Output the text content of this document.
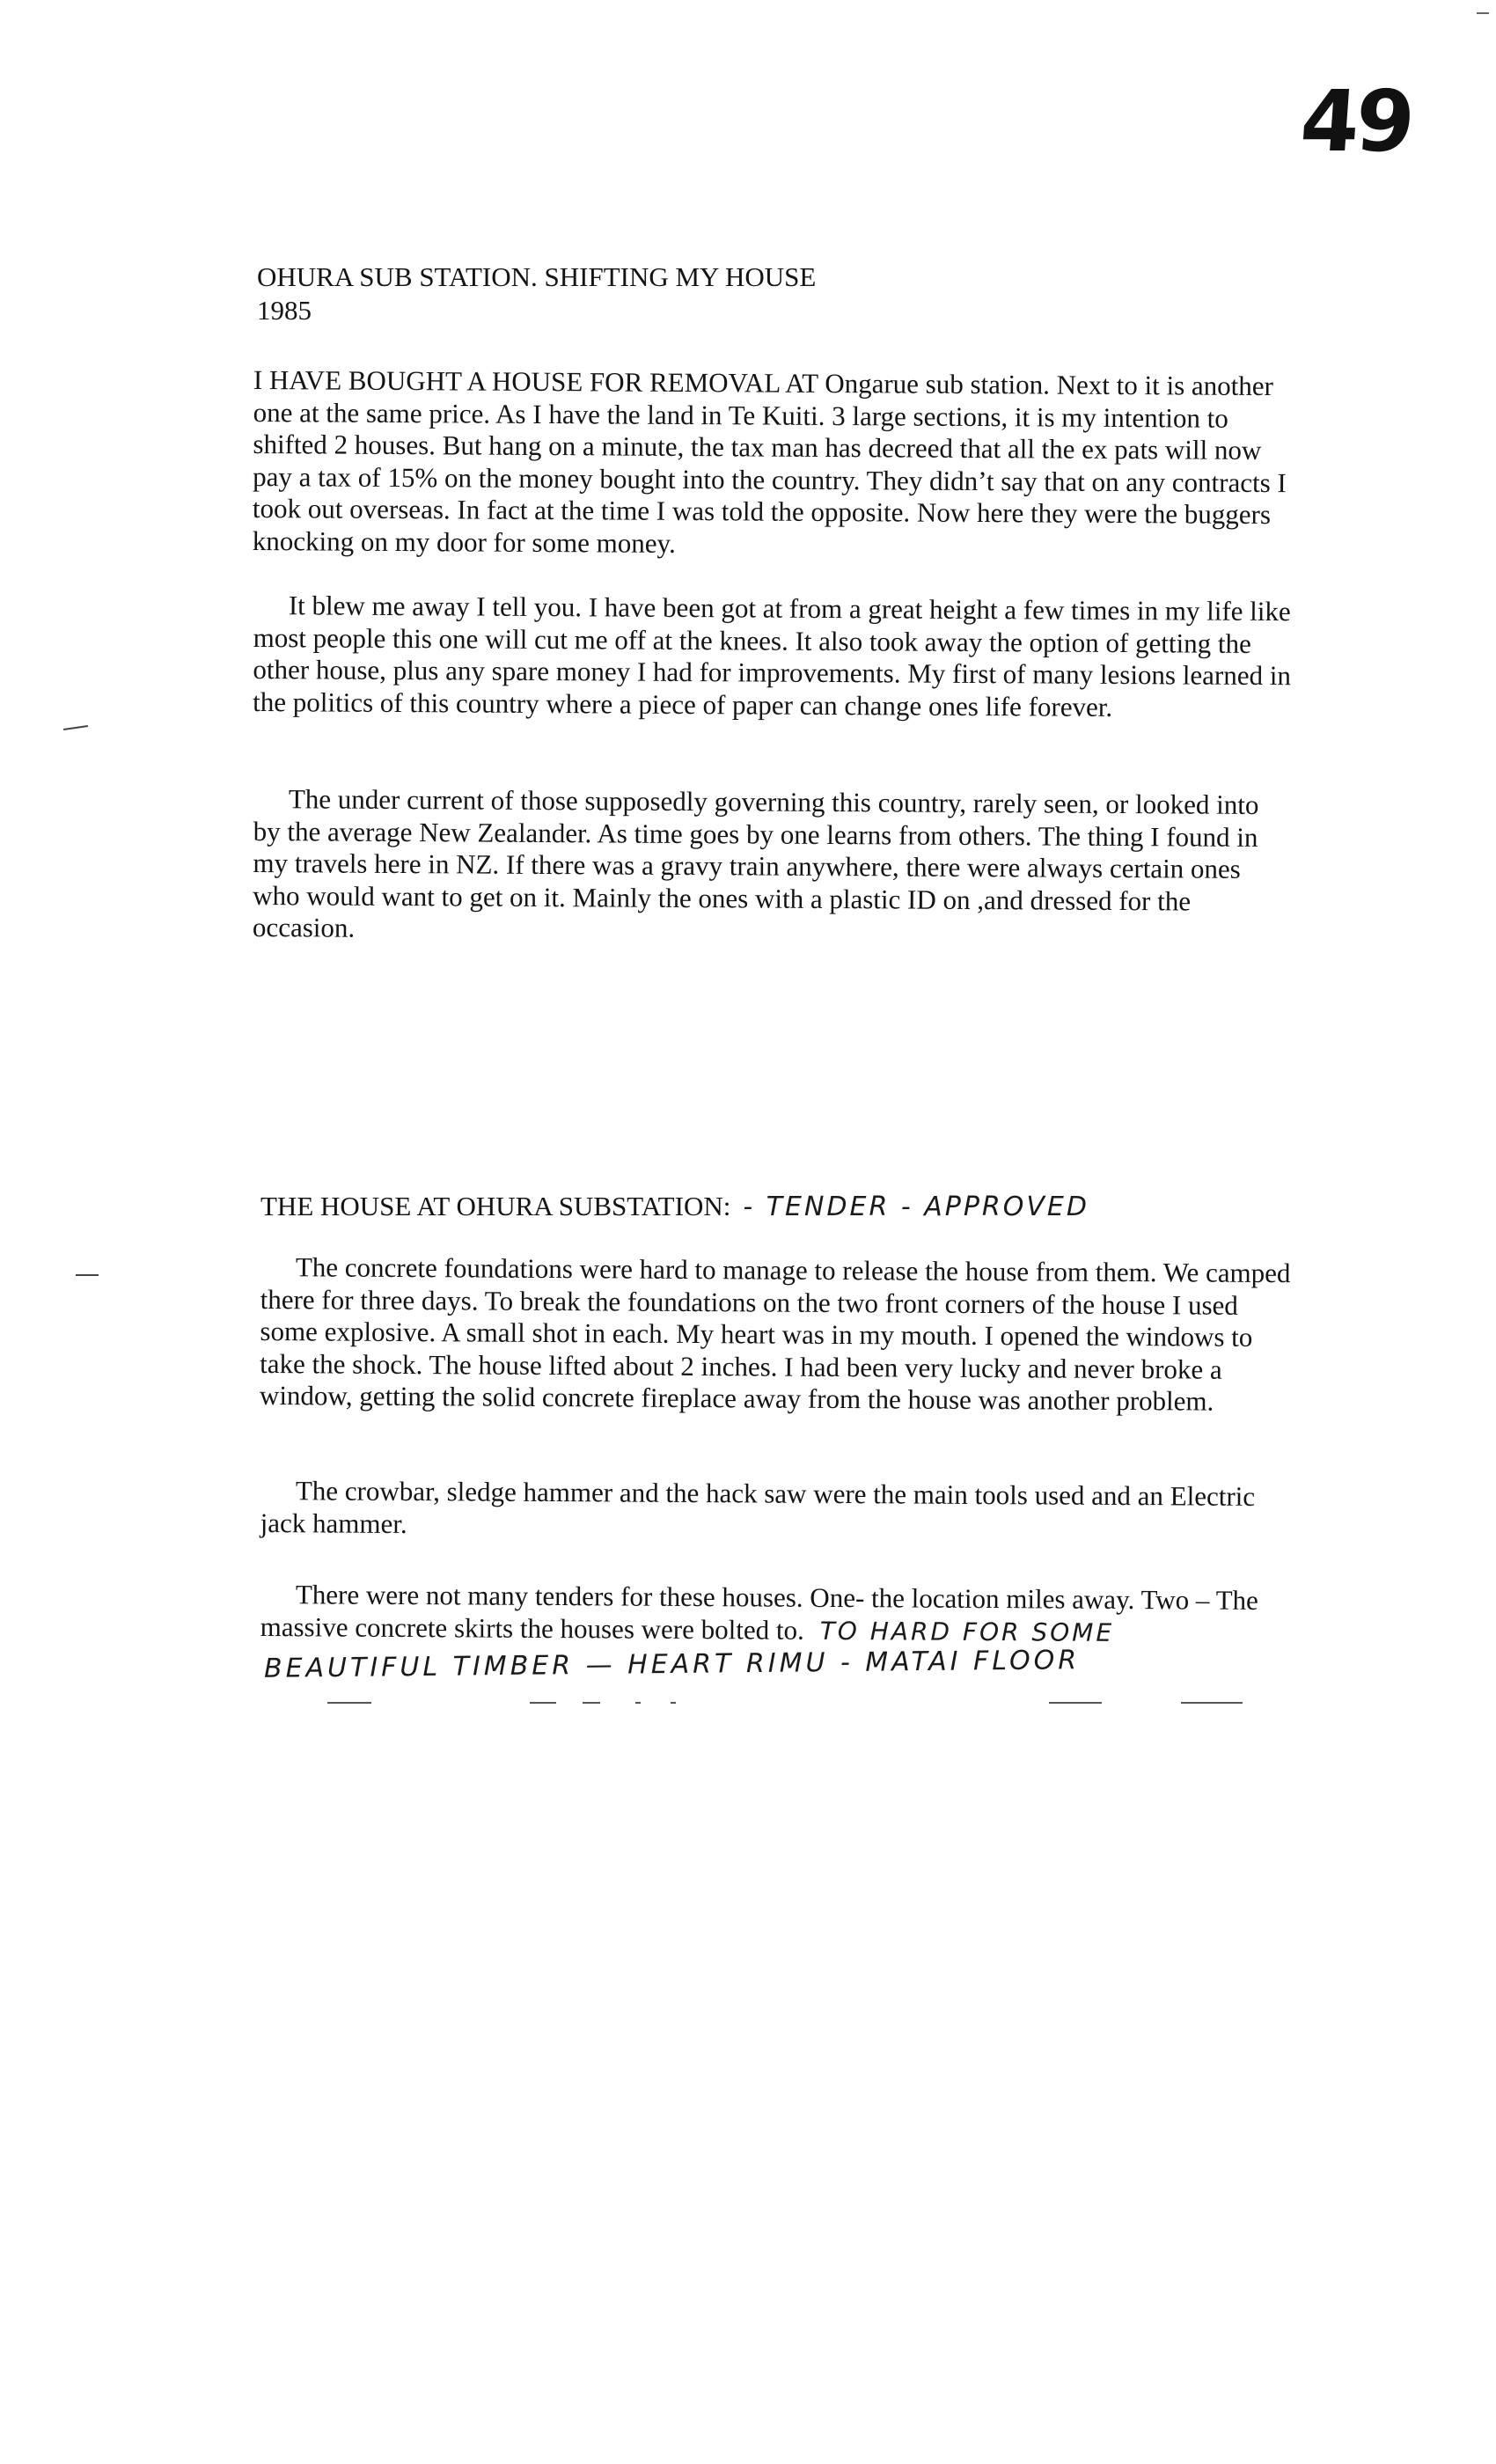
49
OHURA SUB STATION. SHIFTING MY HOUSE
1985

I HAVE BOUGHT A HOUSE FOR REMOVAL AT Ongarue sub station. Next to it is another one at the same price. As I have the land in Te Kuiti. 3 large sections, it is my intention to shifted 2 houses. But hang on a minute, the tax man has decreed that all the ex pats will now pay a tax of 15% on the money bought into the country. They didn’t say that on any contracts I took out overseas. In fact at the time I was told the opposite. Now here they were the buggers knocking on my door for some money.

It blew me away I tell you. I have been got at from a great height a few times in my life like most people this one will cut me off at the knees. It also took away the option of getting the other house, plus any spare money I had for improvements. My first of many lesions learned in the politics of this country where a piece of paper can change ones life forever.

The under current of those supposedly governing this country, rarely seen, or looked into by the average New Zealander. As time goes by one learns from others. The thing I found in my travels here in NZ. If there was a gravy train anywhere, there were always certain ones who would want to get on it. Mainly the ones with a plastic ID on ,and dressed for the occasion.

THE HOUSE AT OHURA SUBSTATION: - TENDER - APPROVED

The concrete foundations were hard to manage to release the house from them. We camped there for three days. To break the foundations on the two front corners of the house I used some explosive. A small shot in each. My heart was in my mouth. I opened the windows to take the shock. The house lifted about 2 inches. I had been very lucky and never broke a window, getting the solid concrete fireplace away from the house was another problem.

The crowbar, sledge hammer and the hack saw were the main tools used and an Electric jack hammer.

There were not many tenders for these houses. One- the location miles away. Two – The massive concrete skirts the houses were bolted to. TO HARD FOR SOME

BEAUTIFUL TIMBER — HEART RIMU - MATAI FLOOR
